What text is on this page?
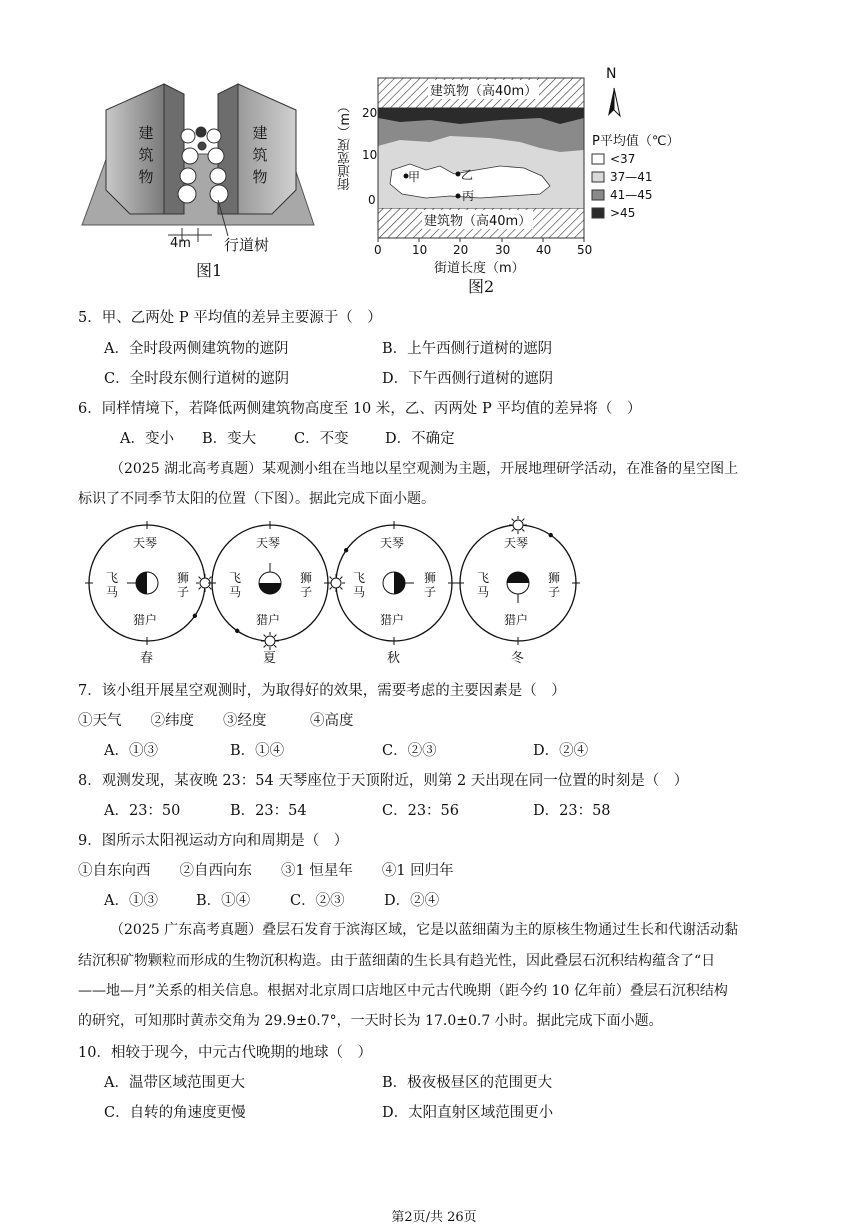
建
筑
物
建
筑
物
4m 行道树
图1
建筑物（高40m）
建筑物（高40m）
街道宽度（m） 20
10
0
0	10 20 30 40 50
街道长度（m）
图2
甲	乙
丙
N
P平均值（℃）
<37
37—41
41—45
>45
5．甲、乙两处 P 平均值的差异主要源于（　）
A．全时段两侧建筑物的遮阴	B．上午西侧行道树的遮阴
C．全时段东侧行道树的遮阴	D．下午西侧行道树的遮阴
6．同样情境下，若降低两侧建筑物高度至 10 米，乙、丙两处 P 平均值的差异将（　）
A．变小 B．变大	C．不变	D．不确定
（2025 湖北高考真题）某观测小组在当地以星空观测为主题，开展地理研学活动，在准备的星空图上
标识了不同季节太阳的位置（下图）。据此完成下面小题。
天琴
飞
马
狮
子
猎户
春
天琴
飞
马
狮
子
猎户
夏
天琴
飞
马
狮
子
猎户
秋
天琴
飞
马
狮
子
猎户
冬
7．该小组开展星空观测时，为取得好的效果，需要考虑的主要因素是（　）
①天气　　②纬度　　③经度　　　④高度
A．①③	B．①④	C．②③	D．②④
8．观测发现，某夜晚 23：54 天琴座位于天顶附近，则第 2 天出现在同一位置的时刻是（　）
A．23：50	B．23：54	C．23：56	D．23：58
9．图所示太阳视运动方向和周期是（　）
①自东向西　　②自西向东　　③1 恒星年　　④1 回归年
A．①③	B．①④	C．②③	D．②④
（2025 广东高考真题）叠层石发育于滨海区域，它是以蓝细菌为主的原核生物通过生长和代谢活动黏
结沉积矿物颗粒而形成的生物沉积构造。由于蓝细菌的生长具有趋光性，因此叠层石沉积结构蕴含了“日
——地—月”关系的相关信息。根据对北京周口店地区中元古代晚期（距今约 10 亿年前）叠层石沉积结构
的研究，可知那时黄赤交角为 29.9±0.7°，一天时长为 17.0±0.7 小时。据此完成下面小题。
10．相较于现今，中元古代晚期的地球（　）
A．温带区域范围更大	B．极夜极昼区的范围更大
C．自转的角速度更慢	D．太阳直射区域范围更小
第2页/共 26页
